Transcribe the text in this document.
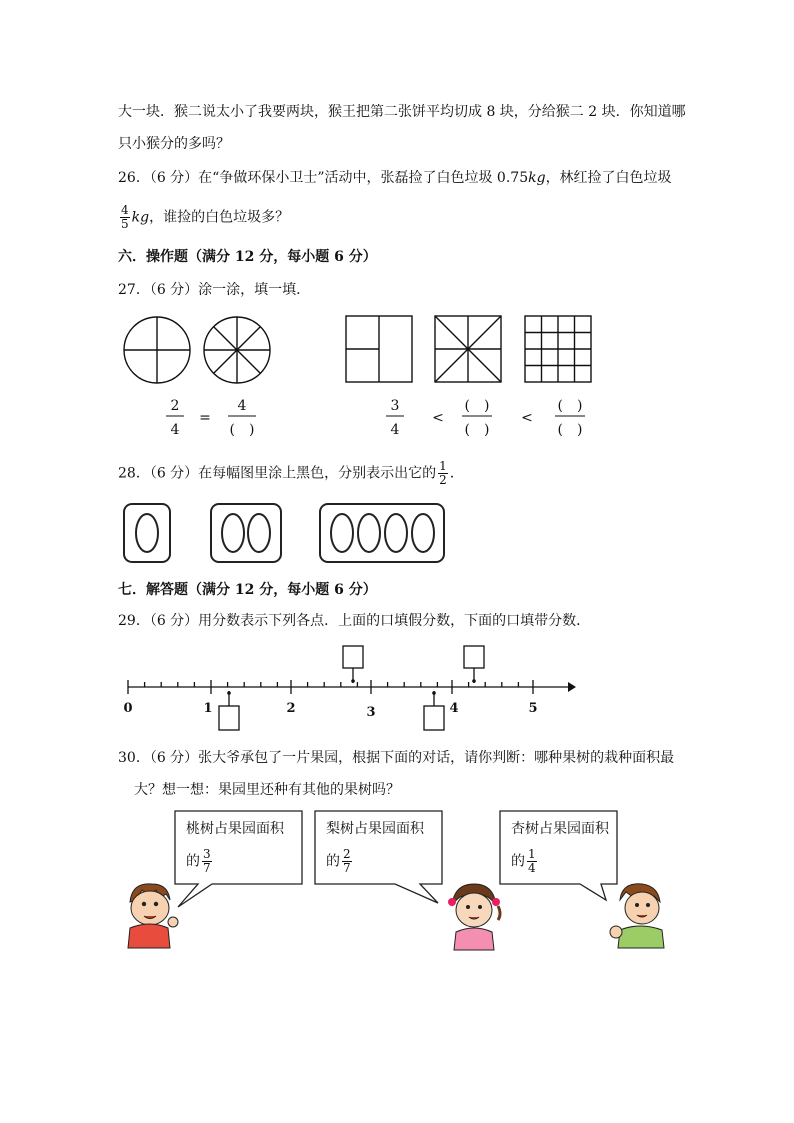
大一块．猴二说太小了我要两块，猴王把第二张饼平均切成 8 块，分给猴二 2 块．你知道哪
只小猴分的多吗？
26．（6 分）在“争做环保小卫士”活动中，张磊捡了白色垃圾 0.75kg，林红捡了白色垃圾
$\frac{4}{5}$ kg，谁捡的白色垃圾多？
六．操作题（满分 12 分，每小题 6 分）
27．（6 分）涂一涂，填一填．
2
4
=
4
(　)
3
4
<
(　)
(　)
<
(　)
(　)
28．（6 分）在每幅图里涂上黑色，分别表示出它的 $\frac{1}{2}$ ．
七．解答题（满分 12 分，每小题 6 分）
29．（6 分）用分数表示下列各点．上面的口填假分数，下面的口填带分数．
0	1	2	3	4	5
30．（6 分）张大爷承包了一片果园，根据下面的对话，请你判断：哪种果树的栽种面积最
大？想一想：果园里还种有其他的果树吗？
桃树占果园面积
的 $\frac{3}{7}$
梨树占果园面积
的 $\frac{2}{7}$
杏树占果园面积
的 $\frac{1}{4}$
